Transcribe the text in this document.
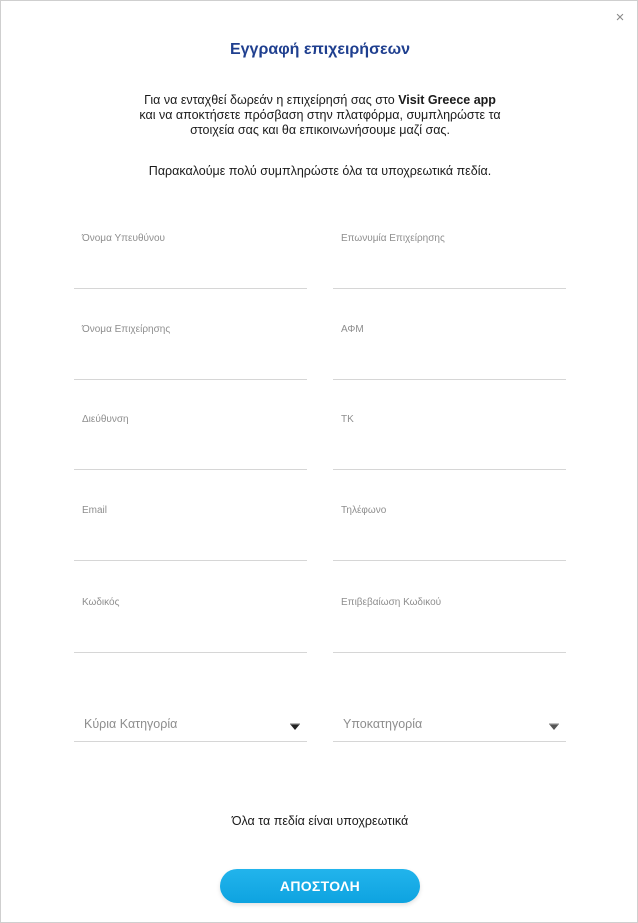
×
Εγγραφή επιχειρήσεων

Για να ενταχθεί δωρεάν η επιχείρησή σας στο Visit Greece app
και να αποκτήσετε πρόσβαση στην πλατφόρμα, συμπληρώστε τα
στοιχεία σας και θα επικοινωνήσουμε μαζί σας.

Παρακαλούμε πολύ συμπληρώστε όλα τα υποχρεωτικά πεδία.

Όνομα Υπευθύνου	Επωνυμία Επιχείρησης
Όνομα Επιχείρησης	ΑΦΜ
Διεύθυνση	ΤΚ
Email	Τηλέφωνο
Κωδικός	Επιβεβαίωση Κωδικού
Κύρια Κατηγορία	Υποκατηγορία

Όλα τα πεδία είναι υποχρεωτικά

ΑΠΟΣΤΟΛΗ
